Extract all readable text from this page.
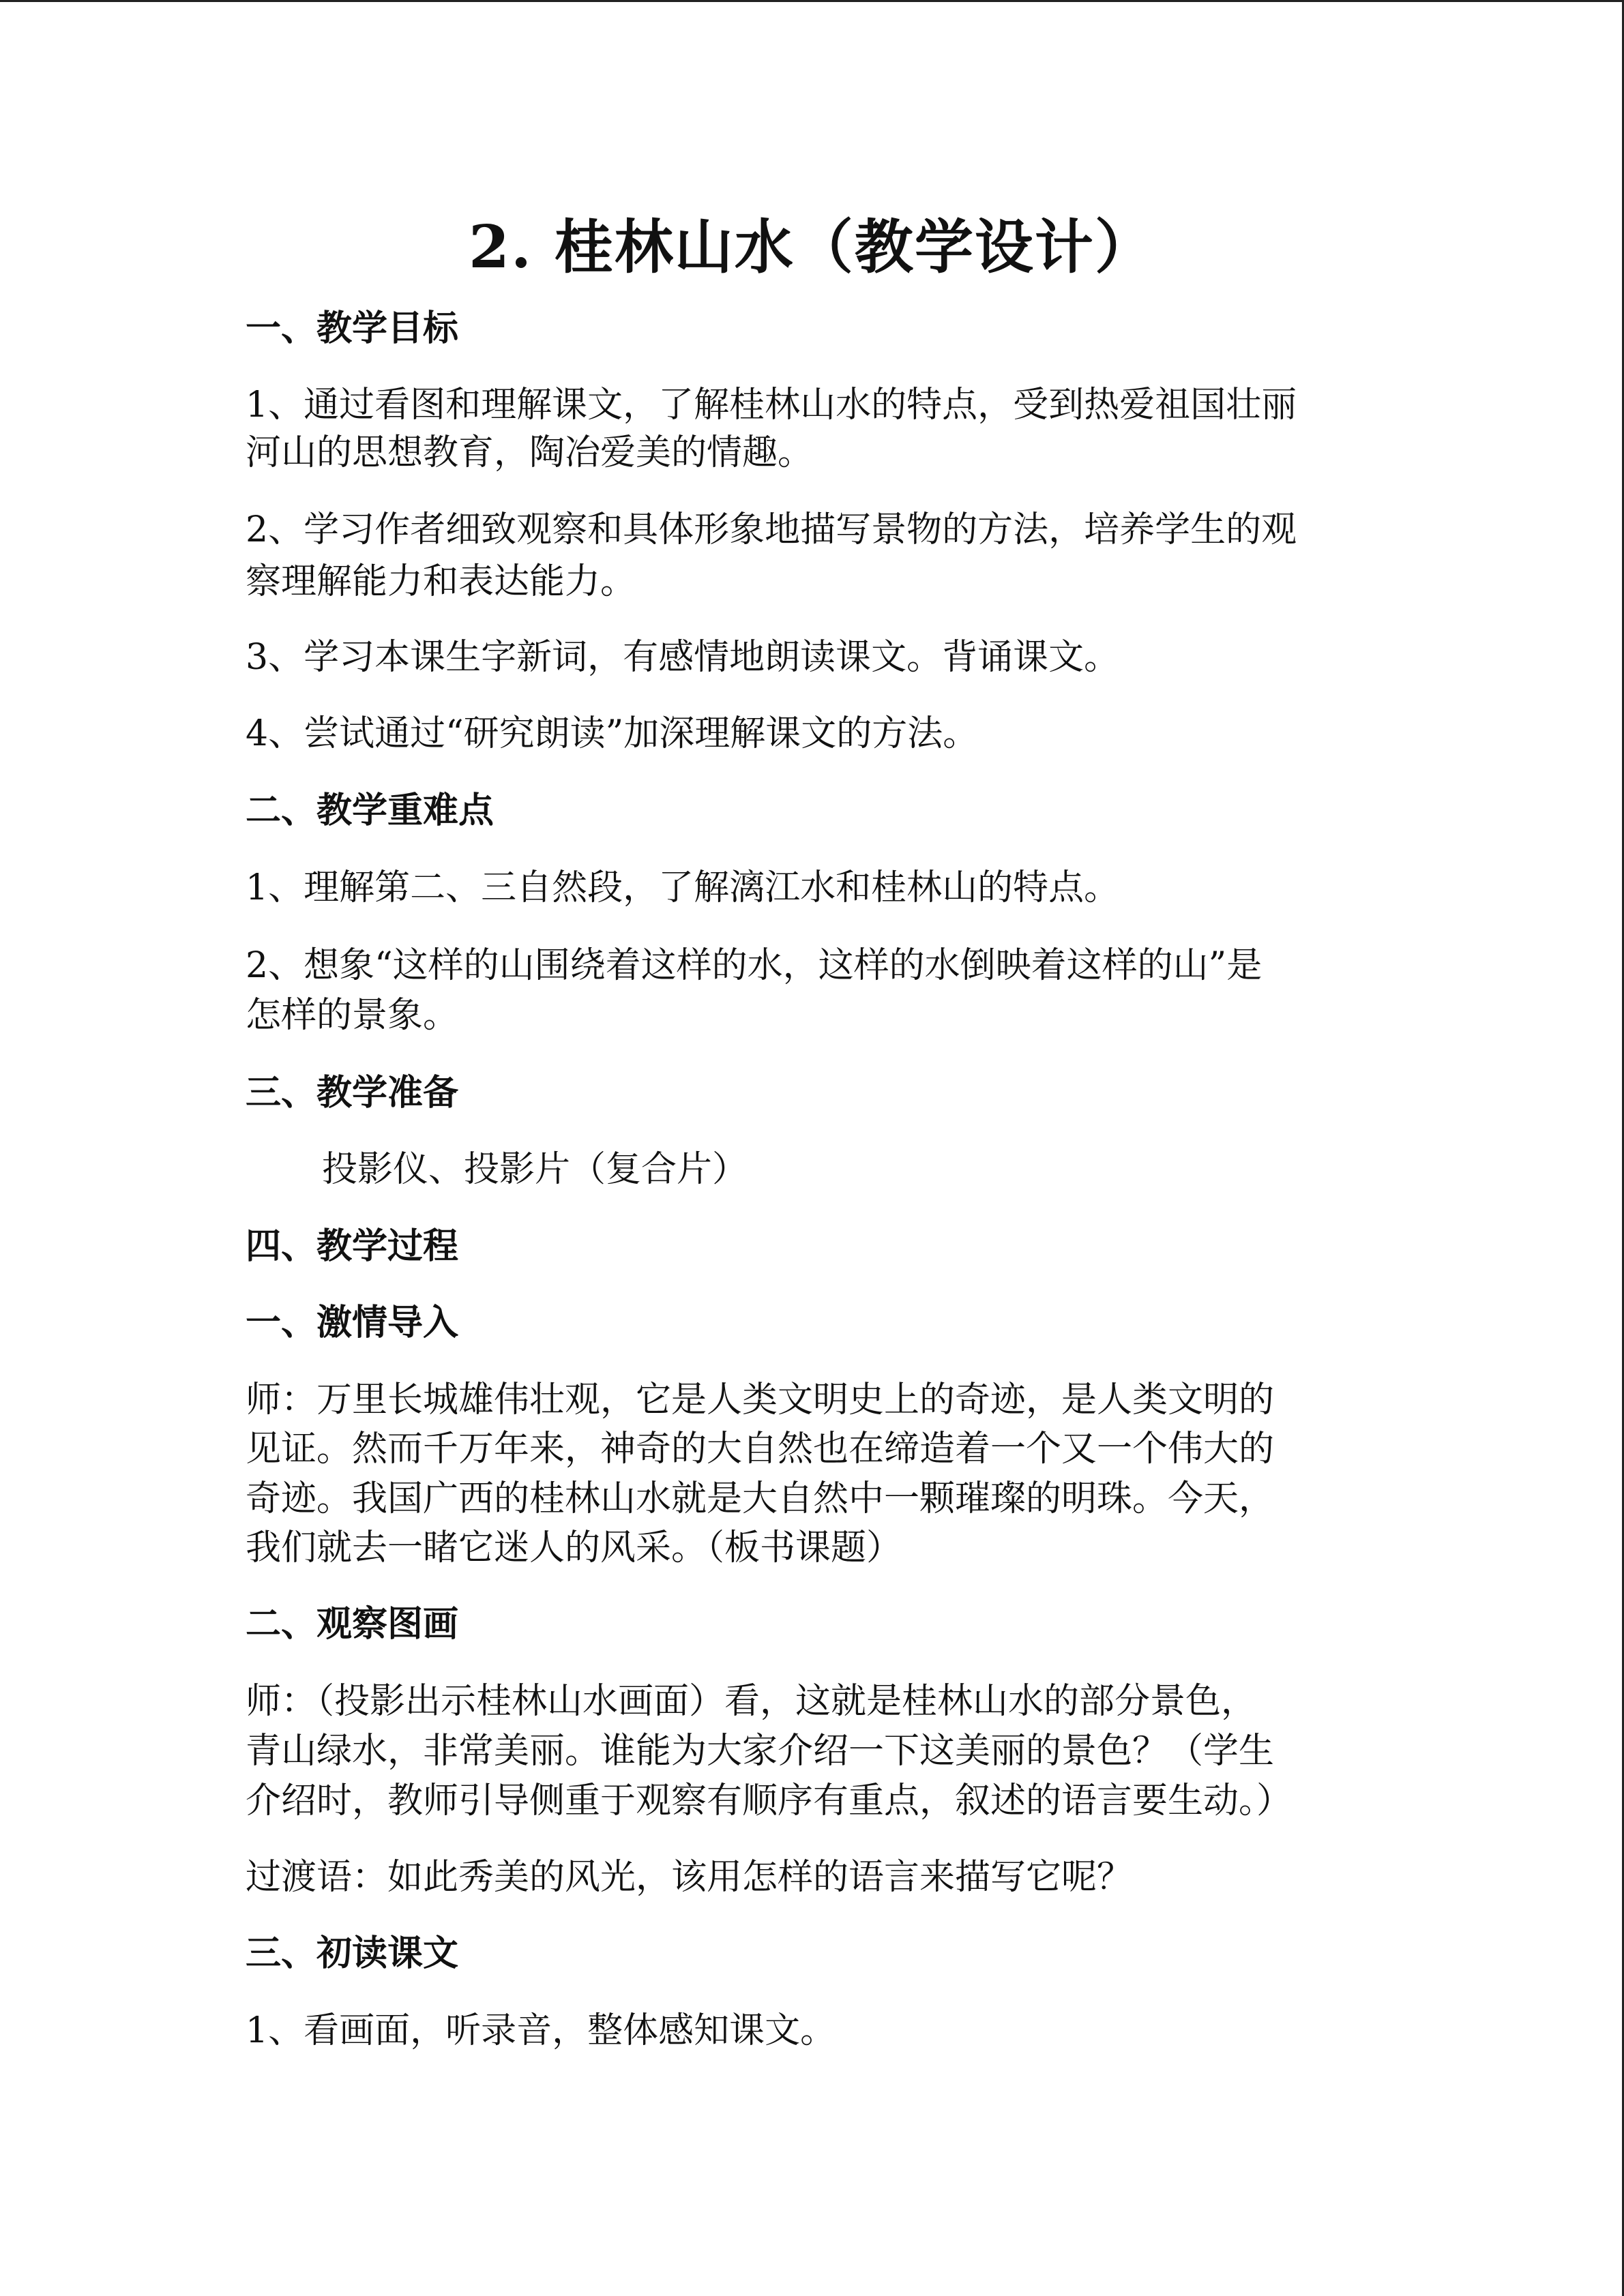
2. 桂林山水（教学设计）

一、教学目标

1、通过看图和理解课文，了解桂林山水的特点，受到热爱祖国壮丽

河山的思想教育，陶冶爱美的情趣。

2、学习作者细致观察和具体形象地描写景物的方法，培养学生的观

察理解能力和表达能力。

3、学习本课生字新词，有感情地朗读课文。背诵课文。

4、尝试通过“研究朗读”加深理解课文的方法。

二、教学重难点

1、理解第二、三自然段，了解漓江水和桂林山的特点。

2、想象“这样的山围绕着这样的水，这样的水倒映着这样的山”是

怎样的景象。

三、教学准备

投影仪、投影片（复合片）

四、教学过程

一、激情导入

师：万里长城雄伟壮观，它是人类文明史上的奇迹，是人类文明的

见证。然而千万年来，神奇的大自然也在缔造着一个又一个伟大的

奇迹。我国广西的桂林山水就是大自然中一颗璀璨的明珠。今天，

我们就去一睹它迷人的风采。（板书课题）

二、观察图画

师：（投影出示桂林山水画面）看，这就是桂林山水的部分景色，

青山绿水，非常美丽。谁能为大家介绍一下这美丽的景色？（学生

介绍时，教师引导侧重于观察有顺序有重点，叙述的语言要生动。）

过渡语：如此秀美的风光，该用怎样的语言来描写它呢？

三、初读课文

1、看画面，听录音，整体感知课文。
